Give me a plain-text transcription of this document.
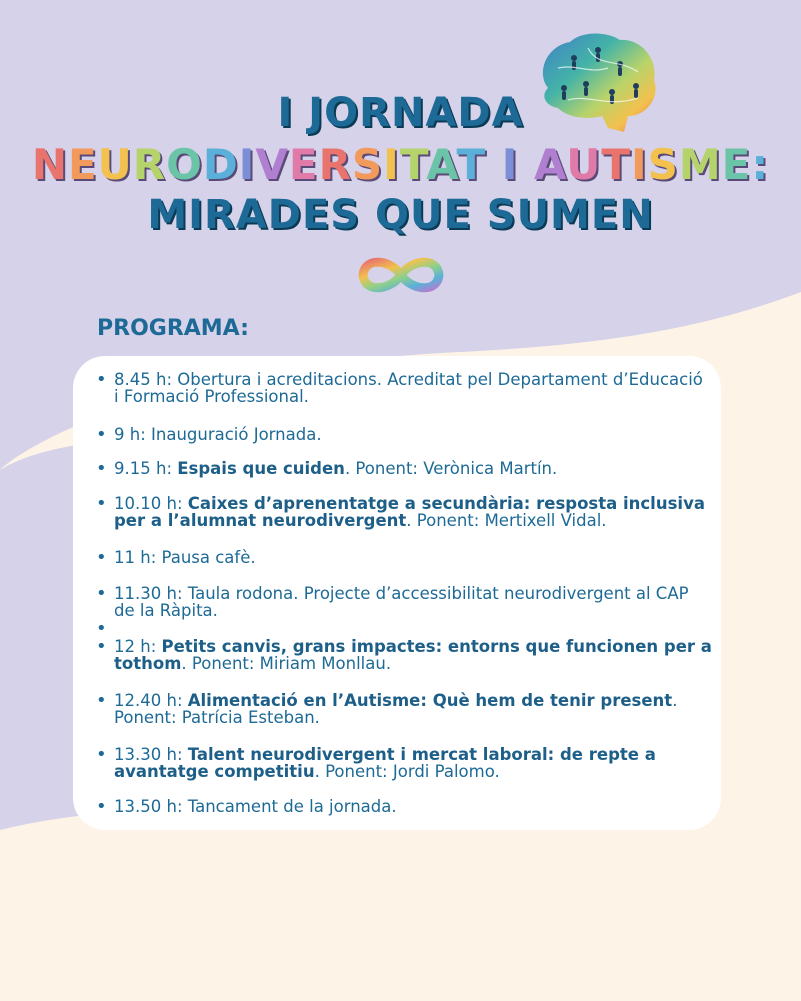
I JORNADA
NEURODIVERSITAT I AUTISME:
MIRADES QUE SUMEN
PROGRAMA:
• 8.45 h: Obertura i acreditacions. Acreditat pel Departament d’Educació i Formació Professional.
• 9 h: Inauguració Jornada.
• 9.15 h: Espais que cuiden. Ponent: Verònica Martín.
• 10.10 h: Caixes d’aprenentatge a secundària: resposta inclusiva per a l’alumnat neurodivergent. Ponent: Mertixell Vidal.
• 11 h: Pausa cafè.
• 11.30 h: Taula rodona. Projecte d’accessibilitat neurodivergent al CAP de la Ràpita.
• 12 h: Petits canvis, grans impactes: entorns que funcionen per a tothom. Ponent: Miriam Monllau.
• 12.40 h: Alimentació en l’Autisme: Què hem de tenir present. Ponent: Patrícia Esteban.
• 13.30 h: Talent neurodivergent i mercat laboral: de repte a avantatge competitiu. Ponent: Jordi Palomo.
• 13.50 h: Tancament de la jornada.
